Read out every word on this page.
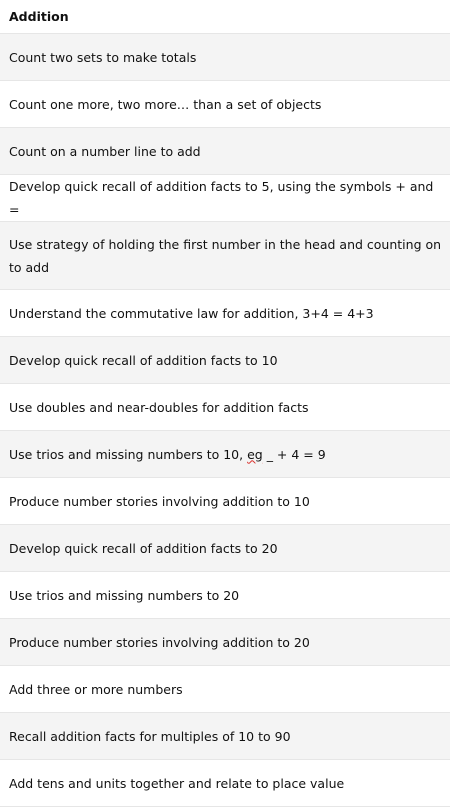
Addition
Count two sets to make totals
Count one more, two more… than a set of objects
Count on a number line to add
Develop quick recall of addition facts to 5, using the symbols + and =
Use strategy of holding the first number in the head and counting on to add
Understand the commutative law for addition, 3+4 = 4+3
Develop quick recall of addition facts to 10
Use doubles and near-doubles for addition facts
Use trios and missing numbers to 10, eg _ + 4 = 9
Produce number stories involving addition to 10
Develop quick recall of addition facts to 20
Use trios and missing numbers to 20
Produce number stories involving addition to 20
Add three or more numbers
Recall addition facts for multiples of 10 to 90
Add tens and units together and relate to place value
